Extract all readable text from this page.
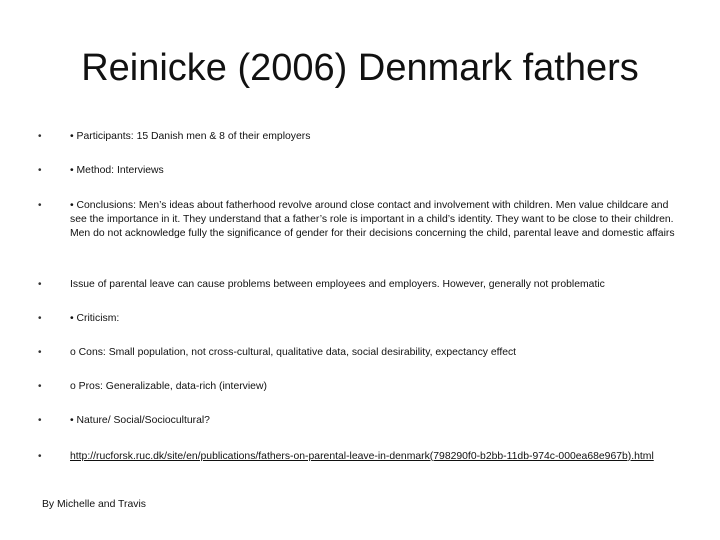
Reinicke (2006) Denmark fathers
•	• Participants: 15 Danish men & 8 of their employers
•	• Method: Interviews
•	• Conclusions: Men’s ideas about fatherhood revolve around close contact and involvement with children. Men value childcare and see the importance in it. They understand that a father’s role is important in a child’s identity. They want to be close to their children. Men do not acknowledge fully the significance of gender for their decisions concerning the child, parental leave and domestic affairs
•	Issue of parental leave can cause problems between employees and employers. However, generally not problematic
•	• Criticism:
•	o Cons: Small population, not cross-cultural, qualitative data, social desirability, expectancy effect
•	o Pros: Generalizable, data-rich (interview)
•	• Nature/ Social/Sociocultural?
•	http://rucforsk.ruc.dk/site/en/publications/fathers-on-parental-leave-in-denmark(798290f0-b2bb-11db-974c-000ea68e967b).html
By Michelle and Travis
